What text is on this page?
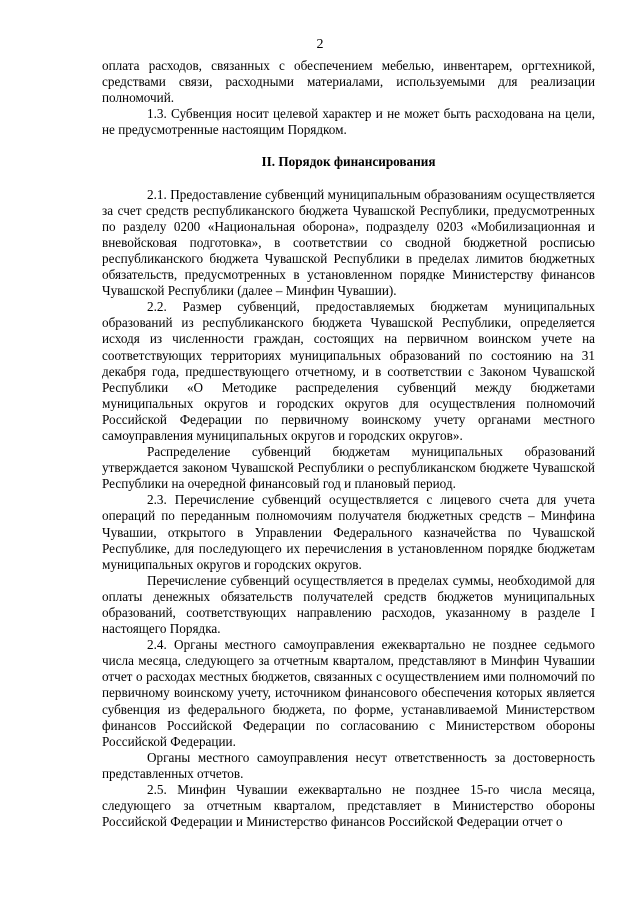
2

оплата расходов, связанных с обеспечением мебелью, инвентарем, оргтехникой, средствами связи, расходными материалами, используемыми для реализации полномочий.

1.3. Субвенция носит целевой характер и не может быть расходована на цели, не предусмотренные настоящим Порядком.

II. Порядок финансирования

2.1. Предоставление субвенций муниципальным образованиям осуществляется за счет средств республиканского бюджета Чувашской Республики, предусмотренных по разделу 0200 «Национальная оборона», подразделу 0203 «Мобилизационная и вневойсковая подготовка», в соответствии со сводной бюджетной росписью республиканского бюджета Чувашской Республики в пределах лимитов бюджетных обязательств, предусмотренных в установленном порядке Министерству финансов Чувашской Республики (далее – Минфин Чувашии).

2.2. Размер субвенций, предоставляемых бюджетам муниципальных образований из республиканского бюджета Чувашской Республики, определяется исходя из численности граждан, состоящих на первичном воинском учете на соответствующих территориях муниципальных образований по состоянию на 31 декабря года, предшествующего отчетному, и в соответствии с Законом Чувашской Республики «О Методике распределения субвенций между бюджетами муниципальных округов и городских округов для осуществления полномочий Российской Федерации по первичному воинскому учету органами местного самоуправления муниципальных округов и городских округов».

Распределение субвенций бюджетам муниципальных образований утверждается законом Чувашской Республики о республиканском бюджете Чувашской Республики на очередной финансовый год и плановый период.

2.3. Перечисление субвенций осуществляется с лицевого счета для учета операций по переданным полномочиям получателя бюджетных средств – Минфина Чувашии, открытого в Управлении Федерального казначейства по Чувашской Республике, для последующего их перечисления в установленном порядке бюджетам муниципальных округов и городских округов.

Перечисление субвенций осуществляется в пределах суммы, необходимой для оплаты денежных обязательств получателей средств бюджетов муниципальных образований, соответствующих направлению расходов, указанному в разделе I настоящего Порядка.

2.4. Органы местного самоуправления ежеквартально не позднее седьмого числа месяца, следующего за отчетным кварталом, представляют в Минфин Чувашии отчет о расходах местных бюджетов, связанных с осуществлением ими полномочий по первичному воинскому учету, источником финансового обеспечения которых является субвенция из федерального бюджета, по форме, устанавливаемой Министерством финансов Российской Федерации по согласованию с Министерством обороны Российской Федерации.

Органы местного самоуправления несут ответственность за достоверность представленных отчетов.

2.5. Минфин Чувашии ежеквартально не позднее 15-го числа месяца, следующего за отчетным кварталом, представляет в Министерство обороны Российской Федерации и Министерство финансов Российской Федерации отчет о
